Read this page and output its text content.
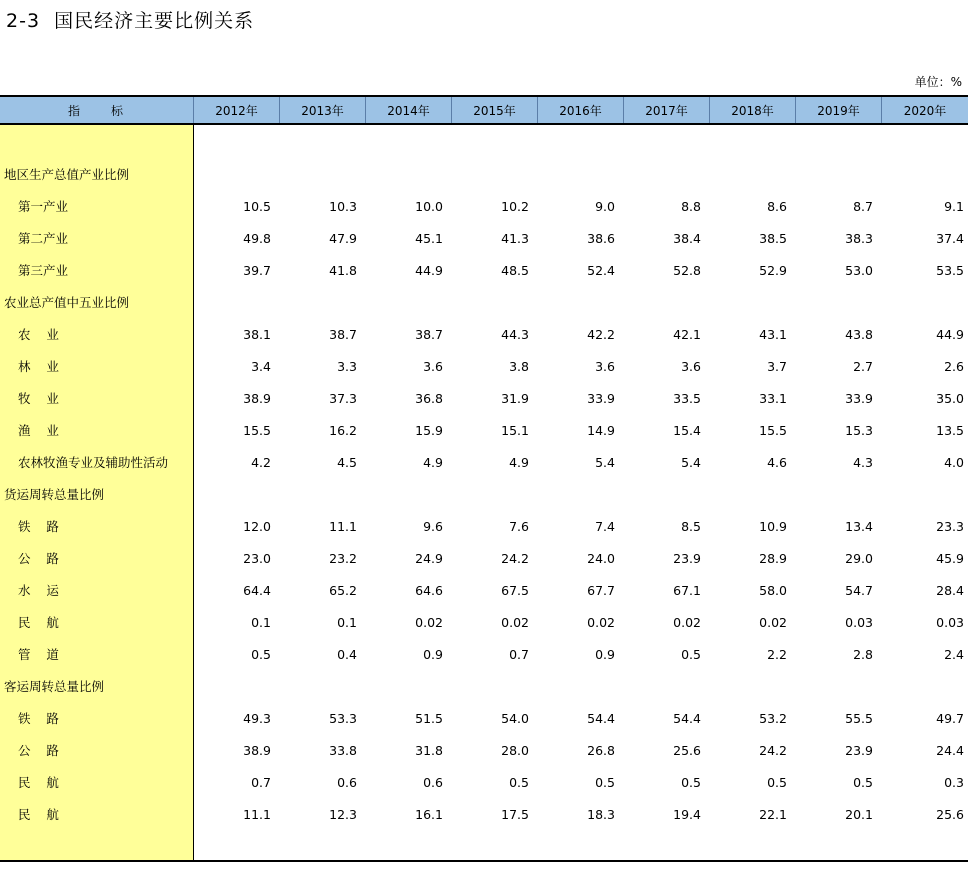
2-3  国民经济主要比例关系
单位：%
指     标	2012年	2013年	2014年	2015年	2016年	2017年	2018年	2019年	2020年
地区生产总值产业比例
第一产业	10.5	10.3	10.0	10.2	9.0	8.8	8.6	8.7	9.1
第二产业	49.8	47.9	45.1	41.3	38.6	38.4	38.5	38.3	37.4
第三产业	39.7	41.8	44.9	48.5	52.4	52.8	52.9	53.0	53.5
农业总产值中五业比例
农    业	38.1	38.7	38.7	44.3	42.2	42.1	43.1	43.8	44.9
林    业	3.4	3.3	3.6	3.8	3.6	3.6	3.7	2.7	2.6
牧    业	38.9	37.3	36.8	31.9	33.9	33.5	33.1	33.9	35.0
渔    业	15.5	16.2	15.9	15.1	14.9	15.4	15.5	15.3	13.5
农林牧渔专业及辅助性活动	4.2	4.5	4.9	4.9	5.4	5.4	4.6	4.3	4.0
货运周转总量比例
铁    路	12.0	11.1	9.6	7.6	7.4	8.5	10.9	13.4	23.3
公    路	23.0	23.2	24.9	24.2	24.0	23.9	28.9	29.0	45.9
水    运	64.4	65.2	64.6	67.5	67.7	67.1	58.0	54.7	28.4
民    航	0.1	0.1	0.02	0.02	0.02	0.02	0.02	0.03	0.03
管    道	0.5	0.4	0.9	0.7	0.9	0.5	2.2	2.8	2.4
客运周转总量比例
铁    路	49.3	53.3	51.5	54.0	54.4	54.4	53.2	55.5	49.7
公    路	38.9	33.8	31.8	28.0	26.8	25.6	24.2	23.9	24.4
民    航	0.7	0.6	0.6	0.5	0.5	0.5	0.5	0.5	0.3
民    航	11.1	12.3	16.1	17.5	18.3	19.4	22.1	20.1	25.6
